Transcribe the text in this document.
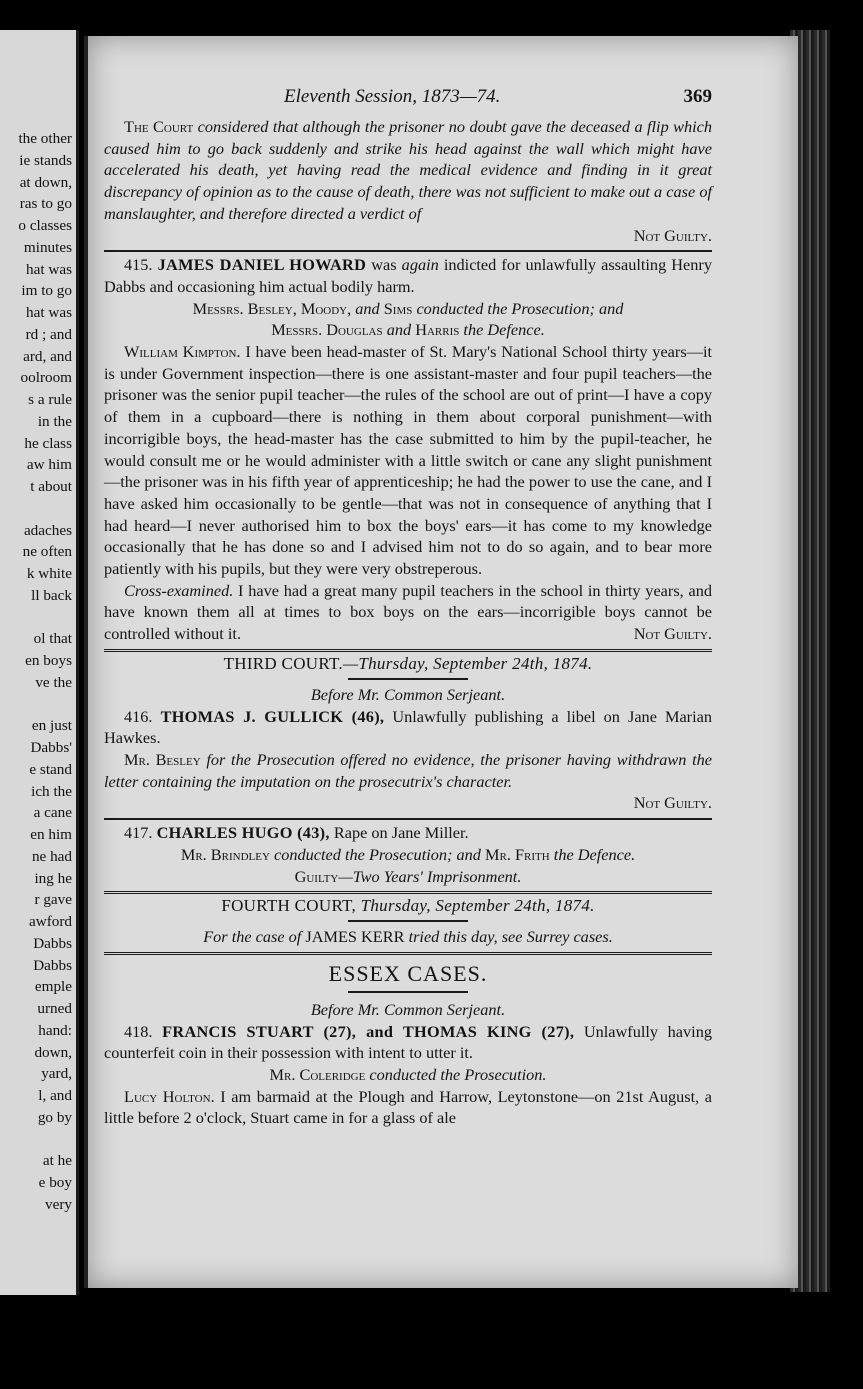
the other
ie stands
at down,
ras to go
o classes
minutes
hat was
im to go
hat was
rd ; and
ard, and
oolroom
s a rule
in the
he class
aw him
t about
adaches
ne often
k white
ll back
ol that
en boys
ve the
en just
Dabbs'
e stand
ich the
a cane
en him
ne had
ing he
r gave
awford
Dabbs
Dabbs
emple
urned
hand:
down,
yard,
l, and
go by
at he
e boy
very
Eleventh Session, 1873—74.	369

The Court considered that although the prisoner no doubt gave the deceased a flip which caused him to go back suddenly and strike his head against the wall which might have accelerated his death, yet having read the medical evidence and finding in it great discrepancy of opinion as to the cause of death, there was not sufficient to make out a case of manslaughter, and therefore directed a verdict of

Not Guilty.

415. JAMES DANIEL HOWARD was again indicted for unlawfully assaulting Henry Dabbs and occasioning him actual bodily harm.

Messrs. Besley, Moody, and Sims conducted the Prosecution; and

Messrs. Douglas and Harris the Defence.

William Kimpton. I have been head-master of St. Mary's National School thirty years—it is under Government inspection—there is one assistant-master and four pupil teachers—the prisoner was the senior pupil teacher—the rules of the school are out of print—I have a copy of them in a cupboard—there is nothing in them about corporal punishment—with incorrigible boys, the head-master has the case submitted to him by the pupil-teacher, he would consult me or he would administer with a little switch or cane any slight punishment—the prisoner was in his fifth year of apprenticeship; he had the power to use the cane, and I have asked him occasionally to be gentle—that was not in consequence of anything that I had heard—I never authorised him to box the boys' ears—it has come to my knowledge occasionally that he has done so and I advised him not to do so again, and to bear more patiently with his pupils, but they were very obstreperous.

Cross-examined. I have had a great many pupil teachers in the school in thirty years, and have known them all at times to box boys on the ears—incorrigible boys cannot be controlled without it.	Not Guilty.

THIRD COURT.—Thursday, September 24th, 1874.

Before Mr. Common Serjeant.

416. THOMAS J. GULLICK (46), Unlawfully publishing a libel on Jane Marian Hawkes.

Mr. Besley for the Prosecution offered no evidence, the prisoner having withdrawn the letter containing the imputation on the prosecutrix's character.

Not Guilty.

417. CHARLES HUGO (43), Rape on Jane Miller.

Mr. Brindley conducted the Prosecution; and Mr. Frith the Defence.

Guilty—Two Years' Imprisonment.

FOURTH COURT, Thursday, September 24th, 1874.

For the case of JAMES KERR tried this day, see Surrey cases.

ESSEX CASES.

Before Mr. Common Serjeant.

418. FRANCIS STUART (27), and THOMAS KING (27), Unlawfully having counterfeit coin in their possession with intent to utter it.

Mr. Coleridge conducted the Prosecution.

Lucy Holton. I am barmaid at the Plough and Harrow, Leytonstone—on 21st August, a little before 2 o'clock, Stuart came in for a glass of ale
